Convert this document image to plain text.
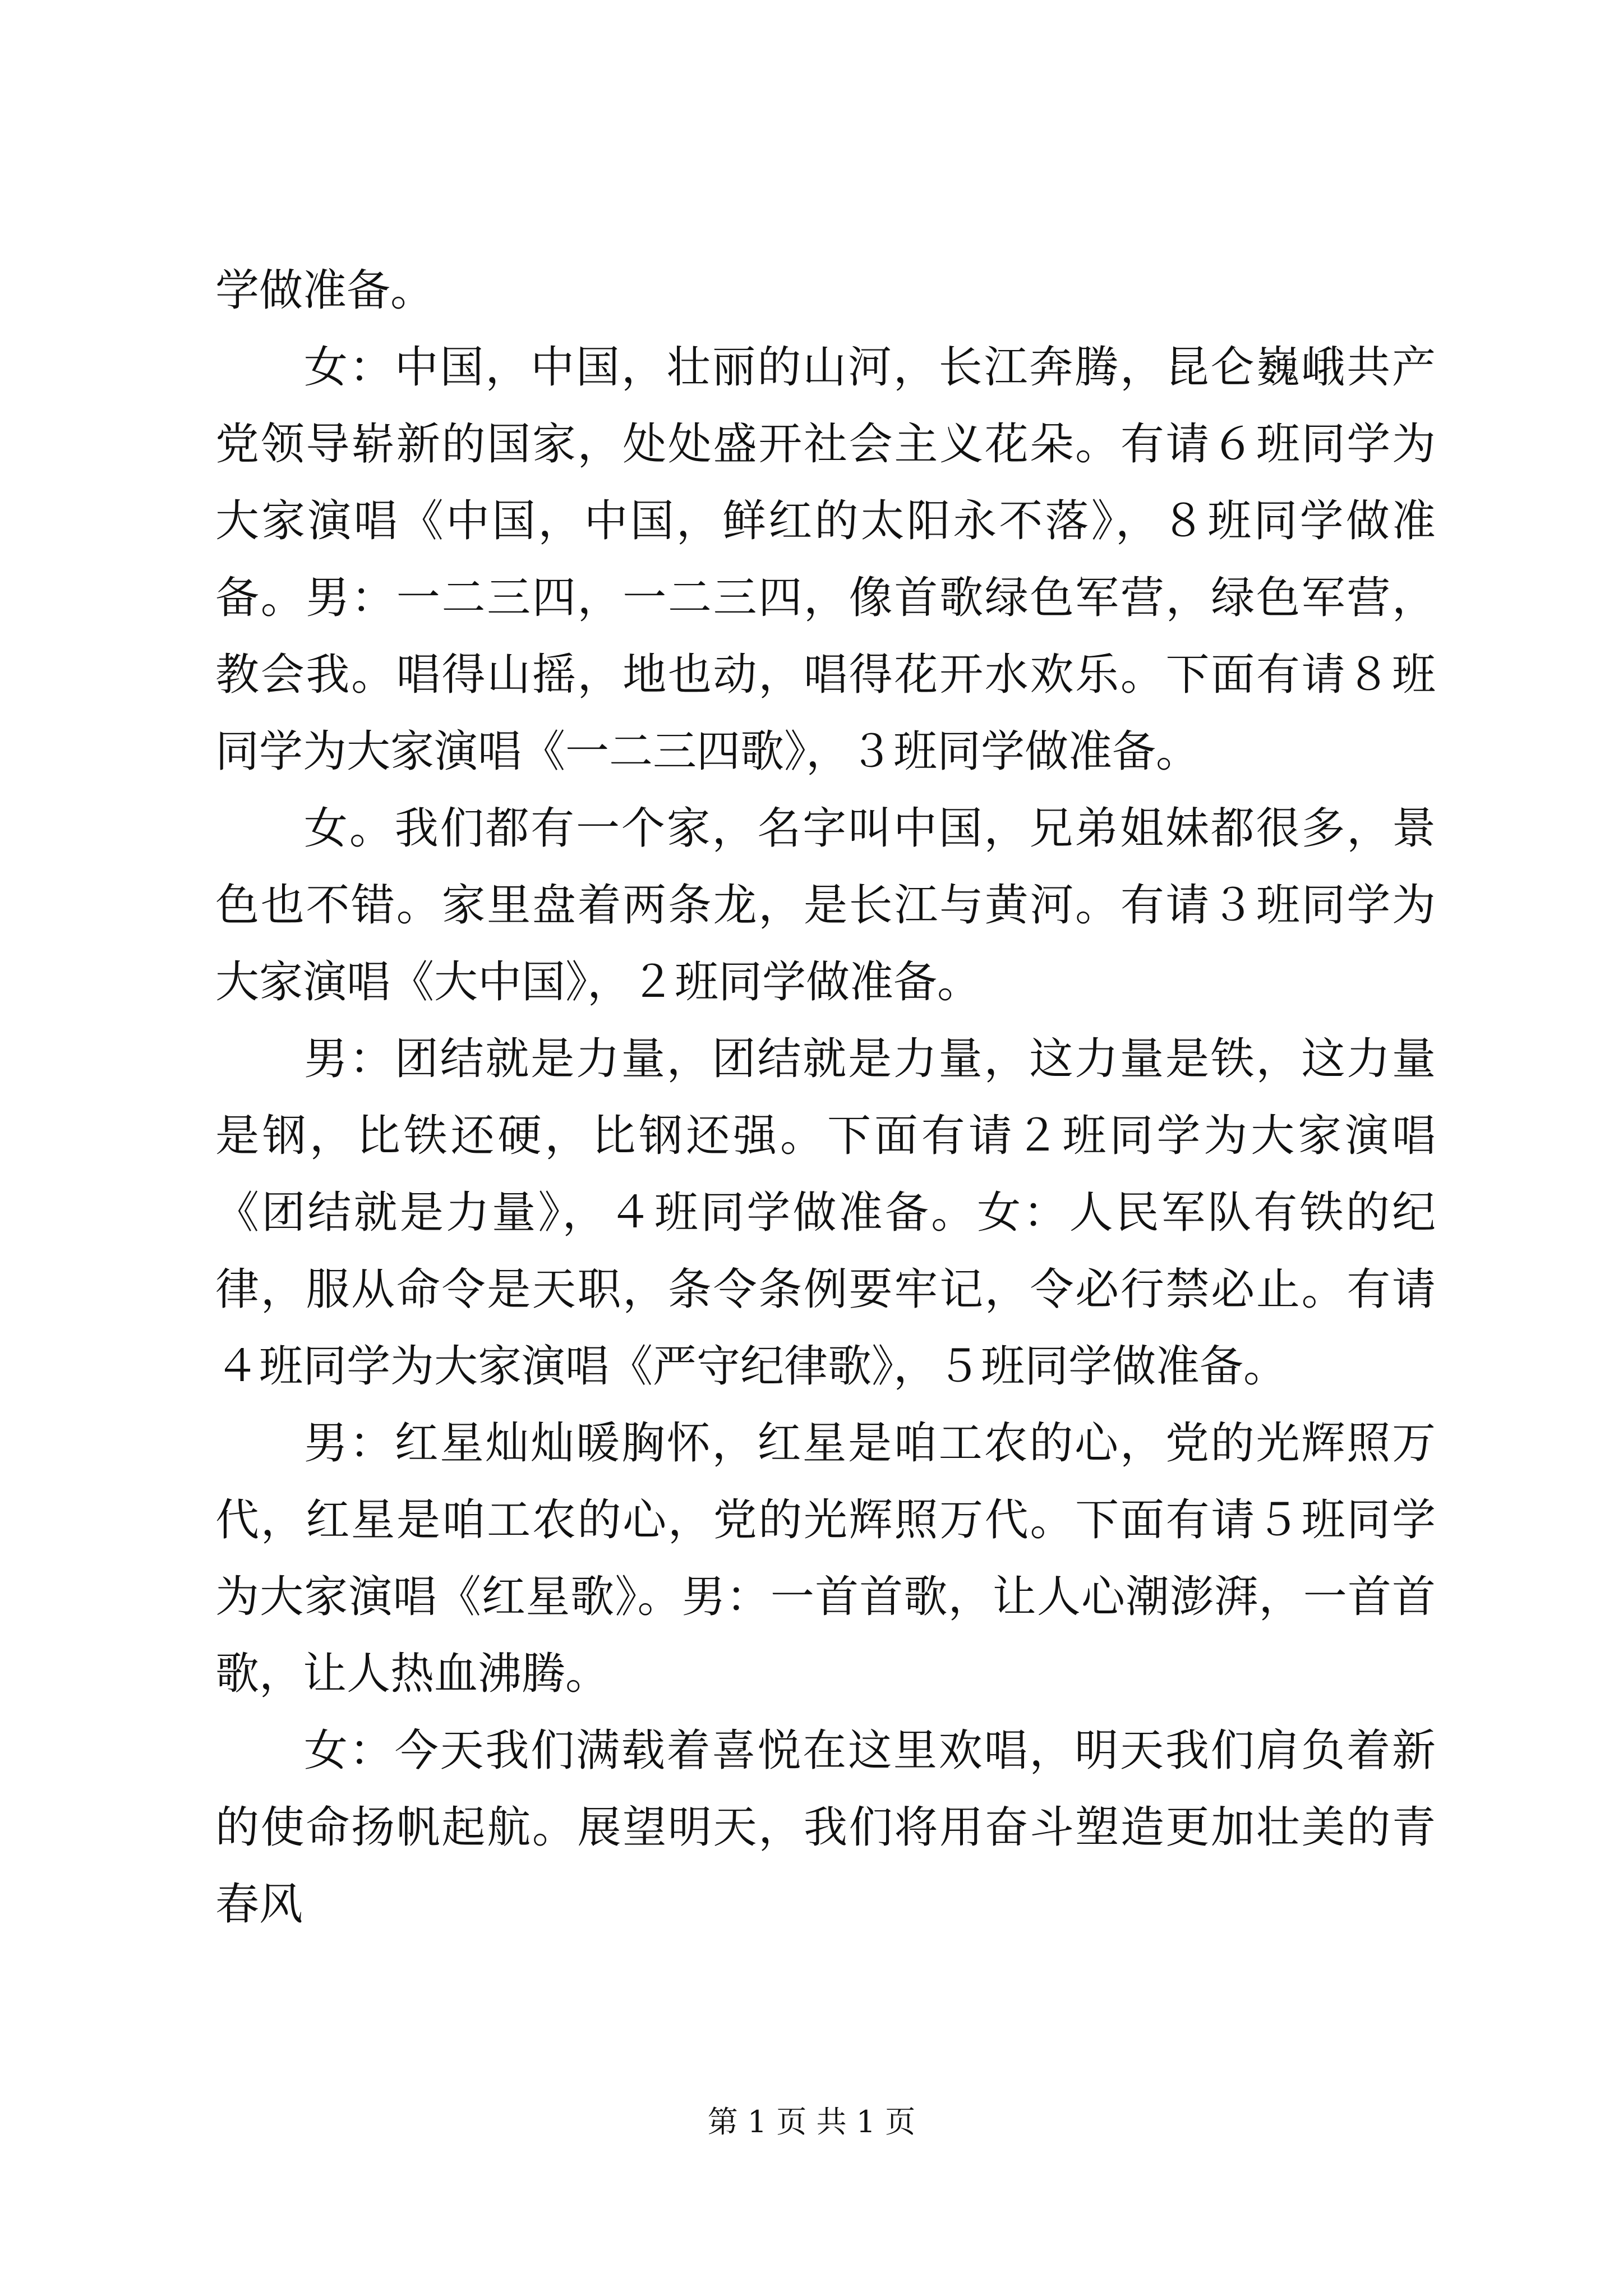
学做准备。

女：中国，中国，壮丽的山河，长江奔腾，昆仑巍峨共产党领导崭新的国家，处处盛开社会主义花朵。有请６班同学为大家演唱《中国，中国，鲜红的太阳永不落》，８班同学做准备。男：一二三四，一二三四，像首歌绿色军营，绿色军营，教会我。唱得山摇，地也动，唱得花开水欢乐。下面有请８班同学为大家演唱《一二三四歌》，３班同学做准备。

女。我们都有一个家，名字叫中国，兄弟姐妹都很多，景色也不错。家里盘着两条龙，是长江与黄河。有请３班同学为大家演唱《大中国》，２班同学做准备。

男：团结就是力量，团结就是力量，这力量是铁，这力量是钢，比铁还硬，比钢还强。下面有请２班同学为大家演唱《团结就是力量》，４班同学做准备。女：人民军队有铁的纪律，服从命令是天职，条令条例要牢记，令必行禁必止。有请４班同学为大家演唱《严守纪律歌》，５班同学做准备。

男：红星灿灿暖胸怀，红星是咱工农的心，党的光辉照万代，红星是咱工农的心，党的光辉照万代。下面有请５班同学为大家演唱《红星歌》。男：一首首歌，让人心潮澎湃，一首首歌，让人热血沸腾。

女：今天我们满载着喜悦在这里欢唱，明天我们肩负着新的使命扬帆起航。展望明天，我们将用奋斗塑造更加壮美的青春风

第 1 页 共 1 页
